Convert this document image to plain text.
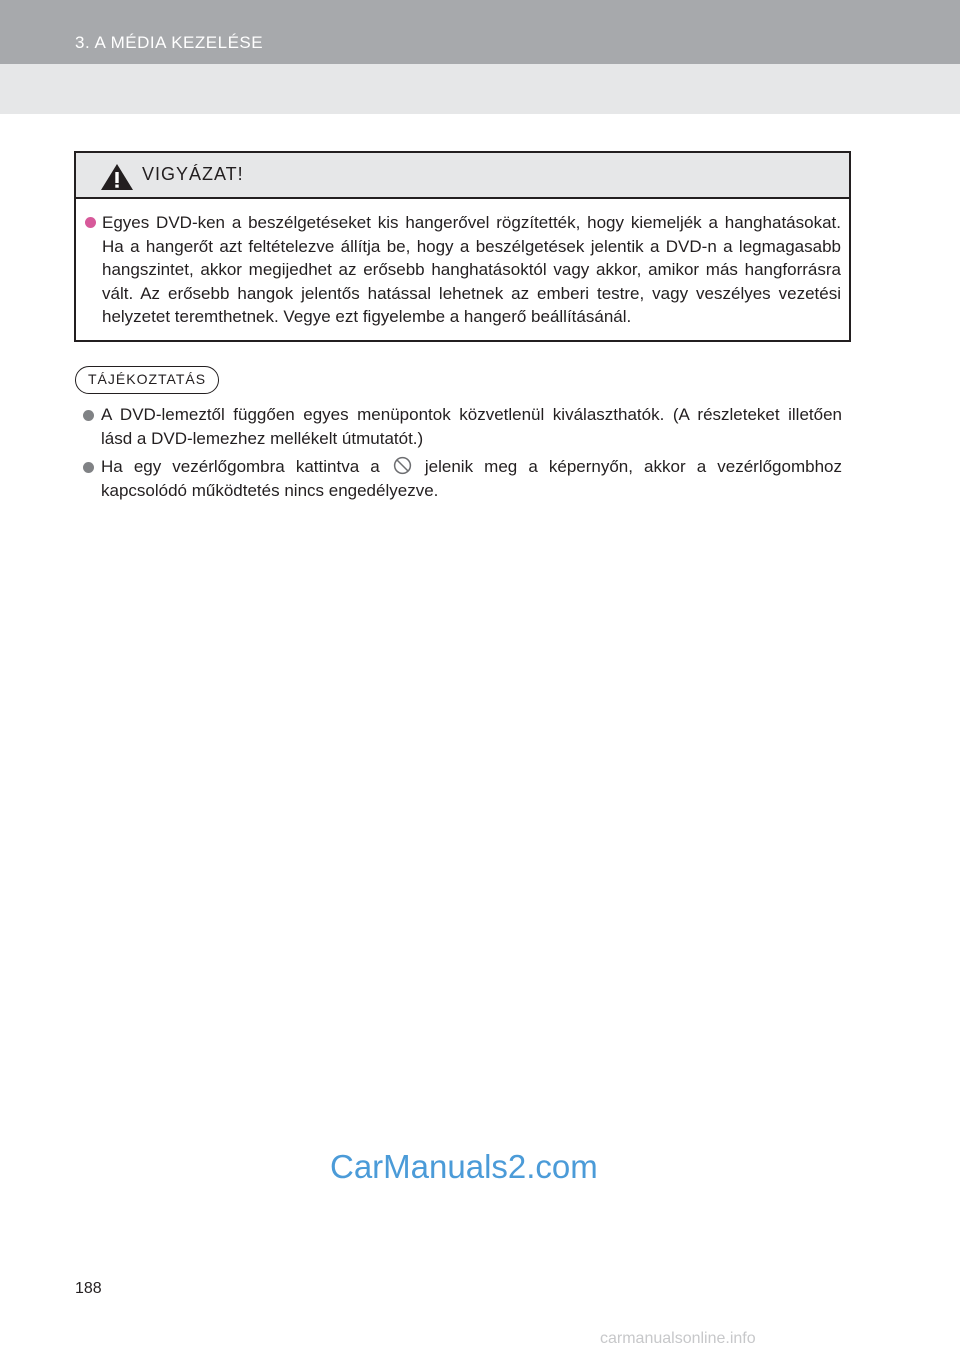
3. A MÉDIA KEZELÉSE
VIGYÁZAT!

Egyes DVD-ken a beszélgetéseket kis hangerővel rögzítették, hogy kiemeljék a hanghatásokat. Ha a hangerőt azt feltételezve állítja be, hogy a beszélgetések jelentik a DVD-n a legmagasabb hangszintet, akkor megijedhet az erősebb hanghatásoktól vagy akkor, amikor más hangforrásra vált. Az erősebb hangok jelentős hatással lehetnek az emberi testre, vagy veszélyes vezetési helyzetet teremthetnek. Vegye ezt figyelembe a hangerő beállításánál.

TÁJÉKOZTATÁS

A DVD-lemeztől függően egyes menüpontok közvetlenül kiválaszthatók. (A részleteket illetően lásd a DVD-lemezhez mellékelt útmutatót.)

Ha egy vezérlőgombra kattintva a	jelenik meg a képernyőn, akkor a vezérlőgombhoz kapcsolódó működtetés nincs engedélyezve.

CarManuals2.com
188
carmanualsonline.info
